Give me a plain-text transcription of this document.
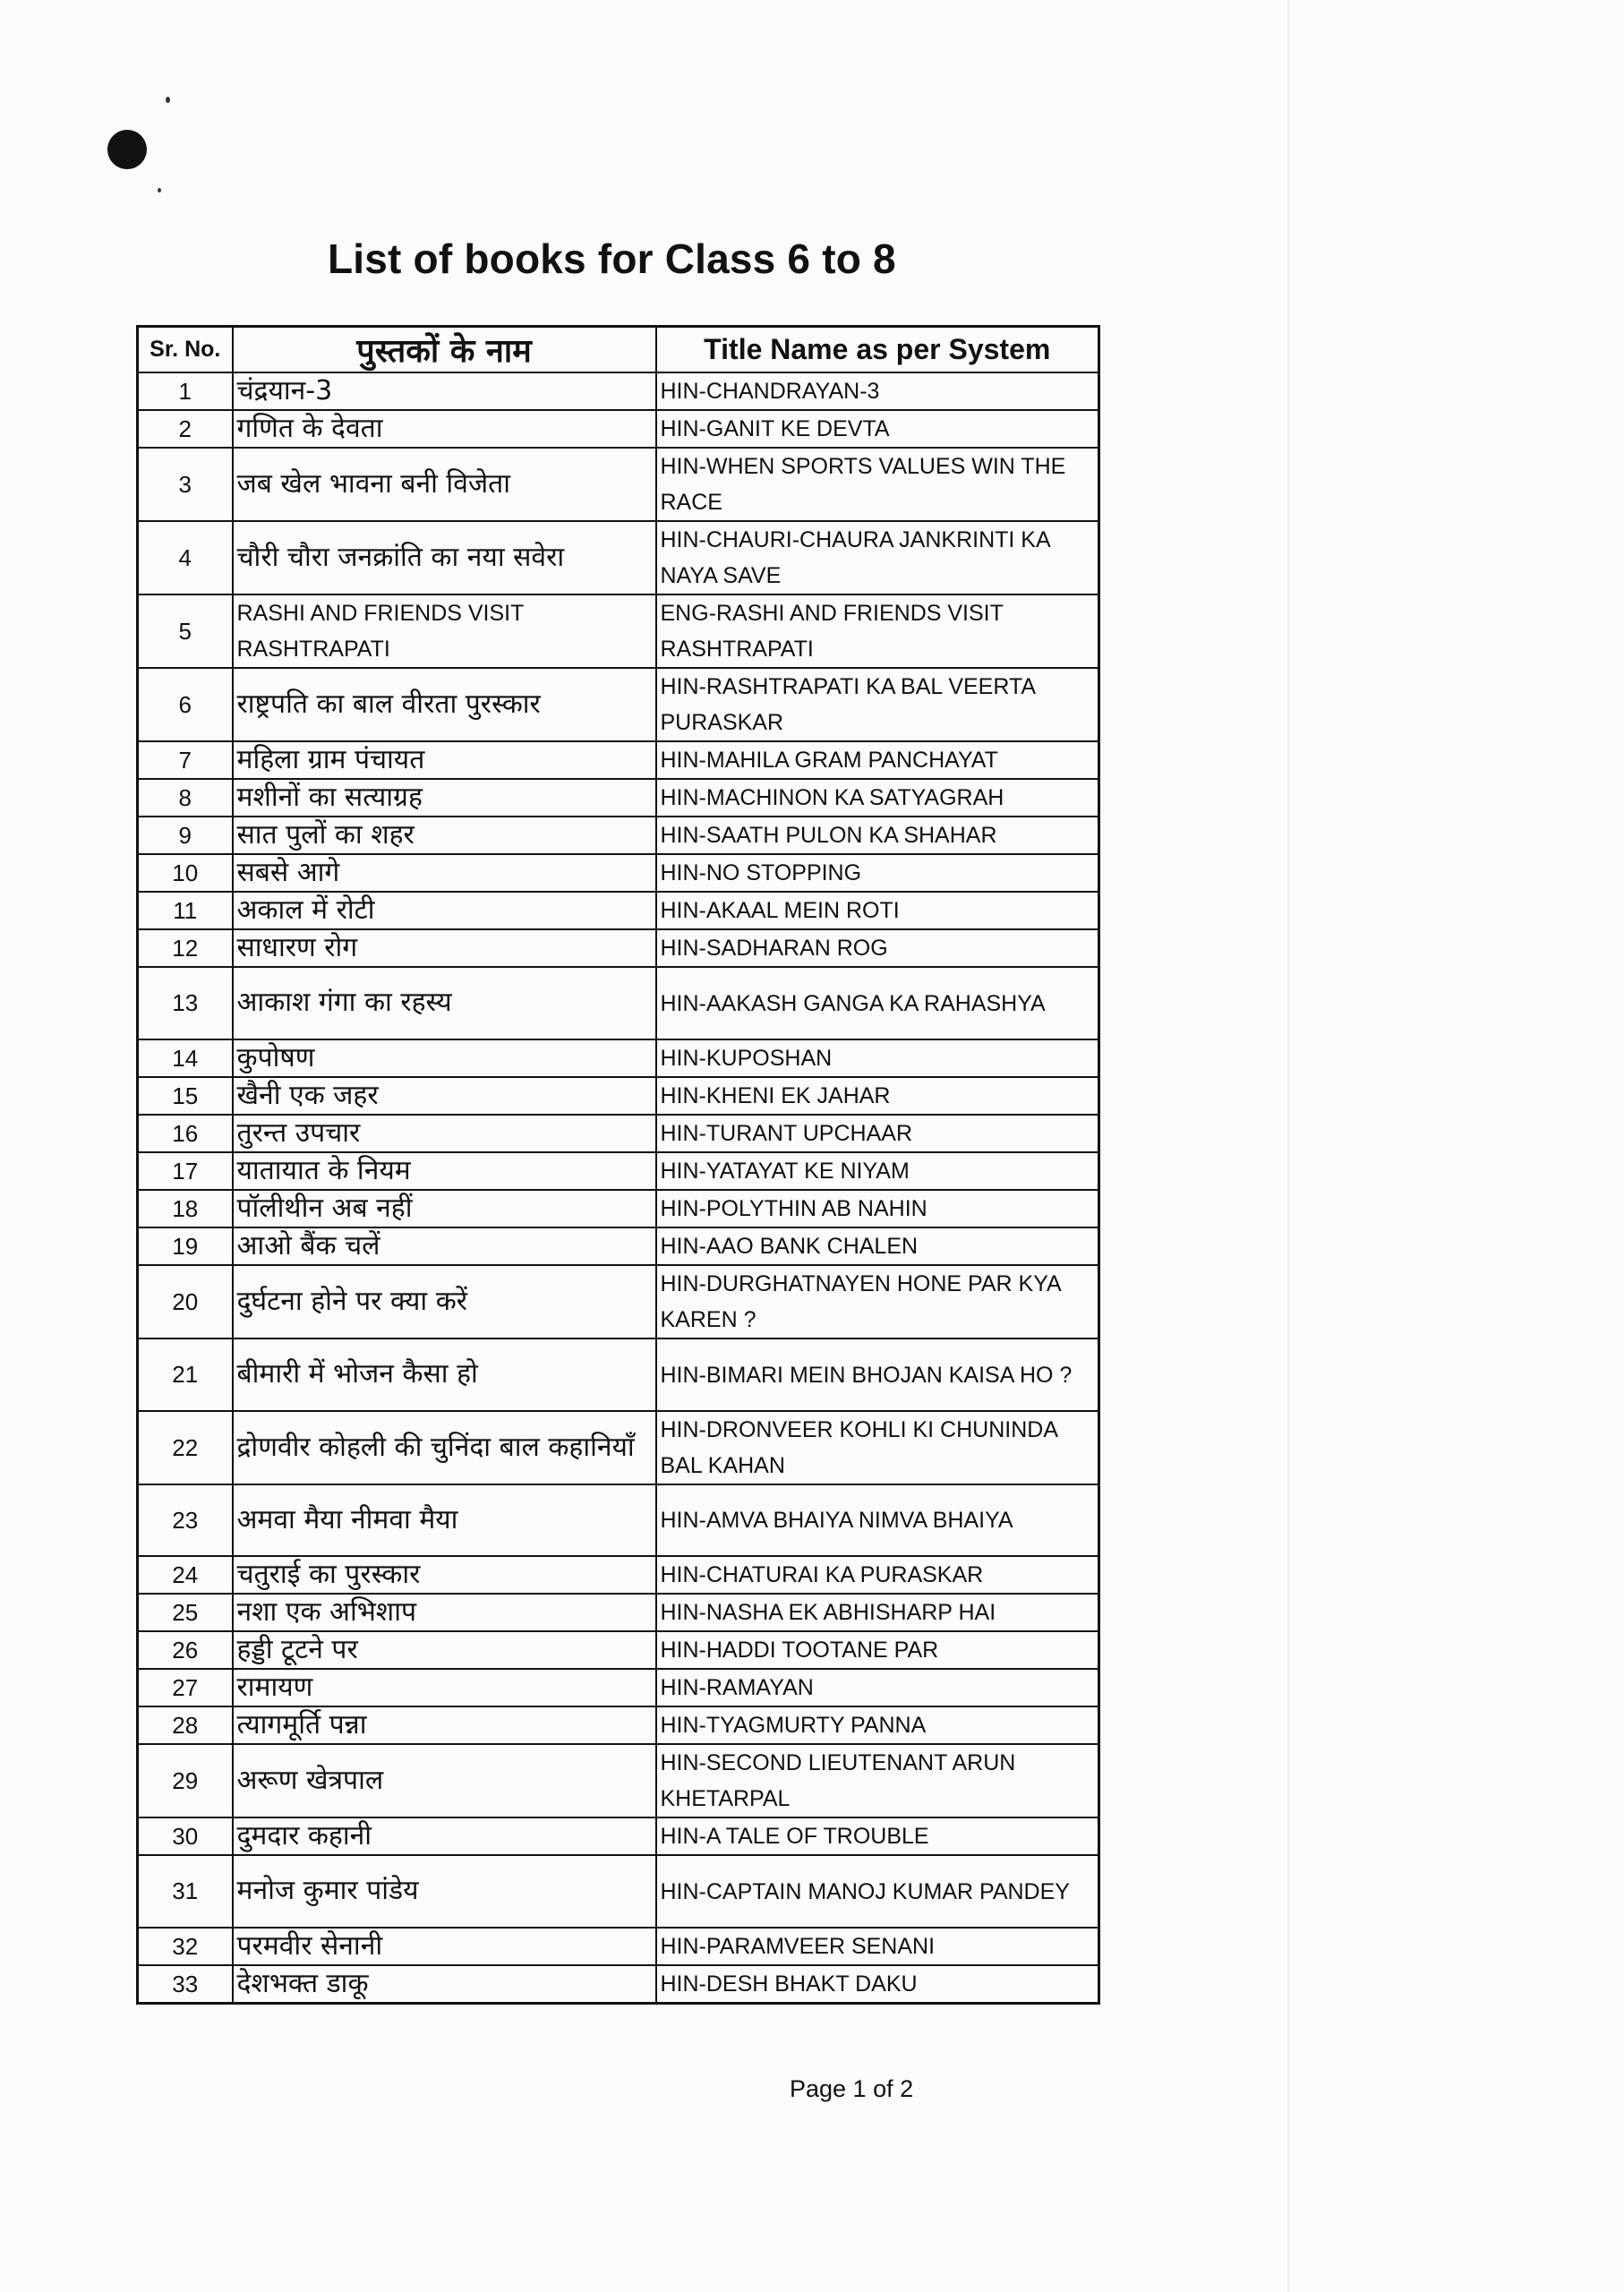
List of books for Class 6 to 8
Sr. No.	पुस्तकों के नाम	Title Name as per System
1	चंद्रयान-3	HIN-CHANDRAYAN-3
2	गणित के देवता	HIN-GANIT KE DEVTA
3	जब खेल भावना बनी विजेता	HIN-WHEN SPORTS VALUES WIN THE RACE
4	चौरी चौरा जनक्रांति का नया सवेरा	HIN-CHAURI-CHAURA JANKRINTI KA NAYA SAVE
5	RASHI AND FRIENDS VISIT RASHTRAPATI	ENG-RASHI AND FRIENDS VISIT RASHTRAPATI
6	राष्ट्रपति का बाल वीरता पुरस्कार	HIN-RASHTRAPATI KA BAL VEERTA PURASKAR
7	महिला ग्राम पंचायत	HIN-MAHILA GRAM PANCHAYAT
8	मशीनों का सत्याग्रह	HIN-MACHINON KA SATYAGRAH
9	सात पुलों का शहर	HIN-SAATH PULON KA SHAHAR
10	सबसे आगे	HIN-NO STOPPING
11	अकाल में रोटी	HIN-AKAAL MEIN ROTI
12	साधारण रोग	HIN-SADHARAN ROG
13	आकाश गंगा का रहस्य	HIN-AAKASH GANGA KA RAHASHYA
14	कुपोषण	HIN-KUPOSHAN
15	खैनी एक जहर	HIN-KHENI EK JAHAR
16	तुरन्त उपचार	HIN-TURANT UPCHAAR
17	यातायात के नियम	HIN-YATAYAT KE NIYAM
18	पॉलीथीन अब नहीं	HIN-POLYTHIN AB NAHIN
19	आओ बैंक चलें	HIN-AAO BANK CHALEN
20	दुर्घटना होने पर क्या करें	HIN-DURGHATNAYEN HONE PAR KYA KAREN ?
21	बीमारी में भोजन कैसा हो	HIN-BIMARI MEIN BHOJAN KAISA HO ?
22	द्रोणवीर कोहली की चुनिंदा बाल कहानियाँ	HIN-DRONVEER KOHLI KI CHUNINDA BAL KAHAN
23	अमवा मैया नीमवा मैया	HIN-AMVA BHAIYA NIMVA BHAIYA
24	चतुराई का पुरस्कार	HIN-CHATURAI KA PURASKAR
25	नशा एक अभिशाप	HIN-NASHA EK ABHISHARP HAI
26	हड्डी टूटने पर	HIN-HADDI TOOTANE PAR
27	रामायण	HIN-RAMAYAN
28	त्यागमूर्ति पन्ना	HIN-TYAGMURTY PANNA
29	अरूण खेत्रपाल	HIN-SECOND LIEUTENANT ARUN KHETARPAL
30	दुमदार कहानी	HIN-A TALE OF TROUBLE
31	मनोज कुमार पांडेय	HIN-CAPTAIN MANOJ KUMAR PANDEY
32	परमवीर सेनानी	HIN-PARAMVEER SENANI
33	देशभक्त डाकू	HIN-DESH BHAKT DAKU
Page 1 of 2
